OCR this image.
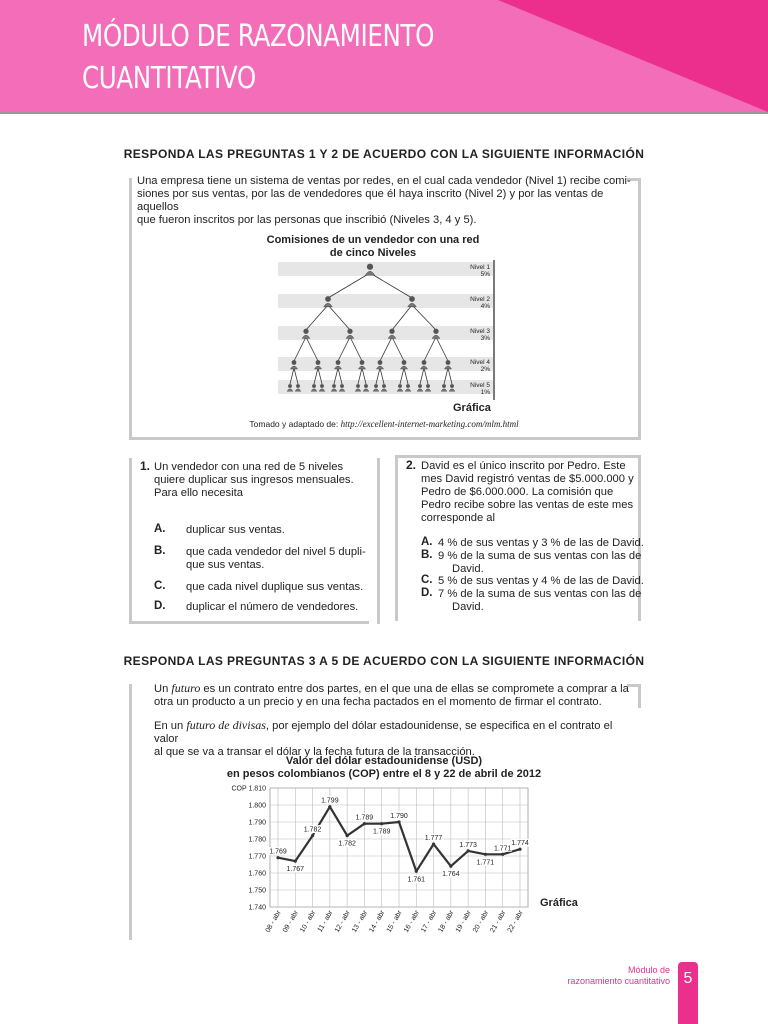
MÓDULO DE RAZONAMIENTO
CUANTITATIVO
RESPONDA LAS PREGUNTAS 1 Y 2 DE ACUERDO CON LA SIGUIENTE INFORMACIÓN
Una empresa tiene un sistema de ventas por redes, en el cual cada vendedor (Nivel 1) recibe comi-
siones por sus ventas, por las de vendedores que él haya inscrito (Nivel 2) y por las ventas de aquellos
que fueron inscritos por las personas que inscribió (Niveles 3, 4 y 5).
Comisiones de un vendedor con una red
de cinco Niveles
Nivel 1
5%
Nivel 2
4%
Nivel 3
3%
Nivel 4
2%
Nivel 5
1%
Gráfica
Tomado y adaptado de: http://excellent-internet-marketing.com/mlm.html
1. Un vendedor con una red de 5 niveles
quiere duplicar sus ingresos mensuales.
Para ello necesita
A. duplicar sus ventas.
B. que cada vendedor del nivel 5 dupli-
que sus ventas.
C. que cada nivel duplique sus ventas.
D. duplicar el número de vendedores.
2. David es el único inscrito por Pedro. Este
mes David registró ventas de $5.000.000 y
Pedro de $6.000.000. La comisión que
Pedro recibe sobre las ventas de este mes
corresponde al
A. 4 % de sus ventas y 3 % de las de David.
B. 9 % de la suma de sus ventas con las de
David.
C. 5 % de sus ventas y 4 % de las de David.
D. 7 % de la suma de sus ventas con las de
David.
RESPONDA LAS PREGUNTAS 3 A 5 DE ACUERDO CON LA SIGUIENTE INFORMACIÓN
Un futuro es un contrato entre dos partes, en el que una de ellas se compromete a comprar a la
otra un producto a un precio y en una fecha pactados en el momento de firmar el contrato.
En un futuro de divisas, por ejemplo del dólar estadounidense, se especifica en el contrato el valor
al que se va a transar el dólar y la fecha futura de la transacción.
Valor del dólar estadounidense (USD)
en pesos colombianos (COP) entre el 8 y 22 de abril de 2012
COP 1.810
1.800
1.790
1.780
1.770
1.760
1.750
1.740
08 - abr 09 - abr 10 - abr 11 - abr 12 - abr 13 - abr 14 - abr 15 - abr 16 - abr 17 - abr 18 - abr 19 - abr 20 - abr 21 - abr 22 - abr
1.769
1.767
1.782
1.799
1.782
1.789
1.789
1.790
1.761
1.777
1.764
1.773
1.771
1.771
1.774
Gráfica
Módulo de
razonamiento cuantitativo 5
